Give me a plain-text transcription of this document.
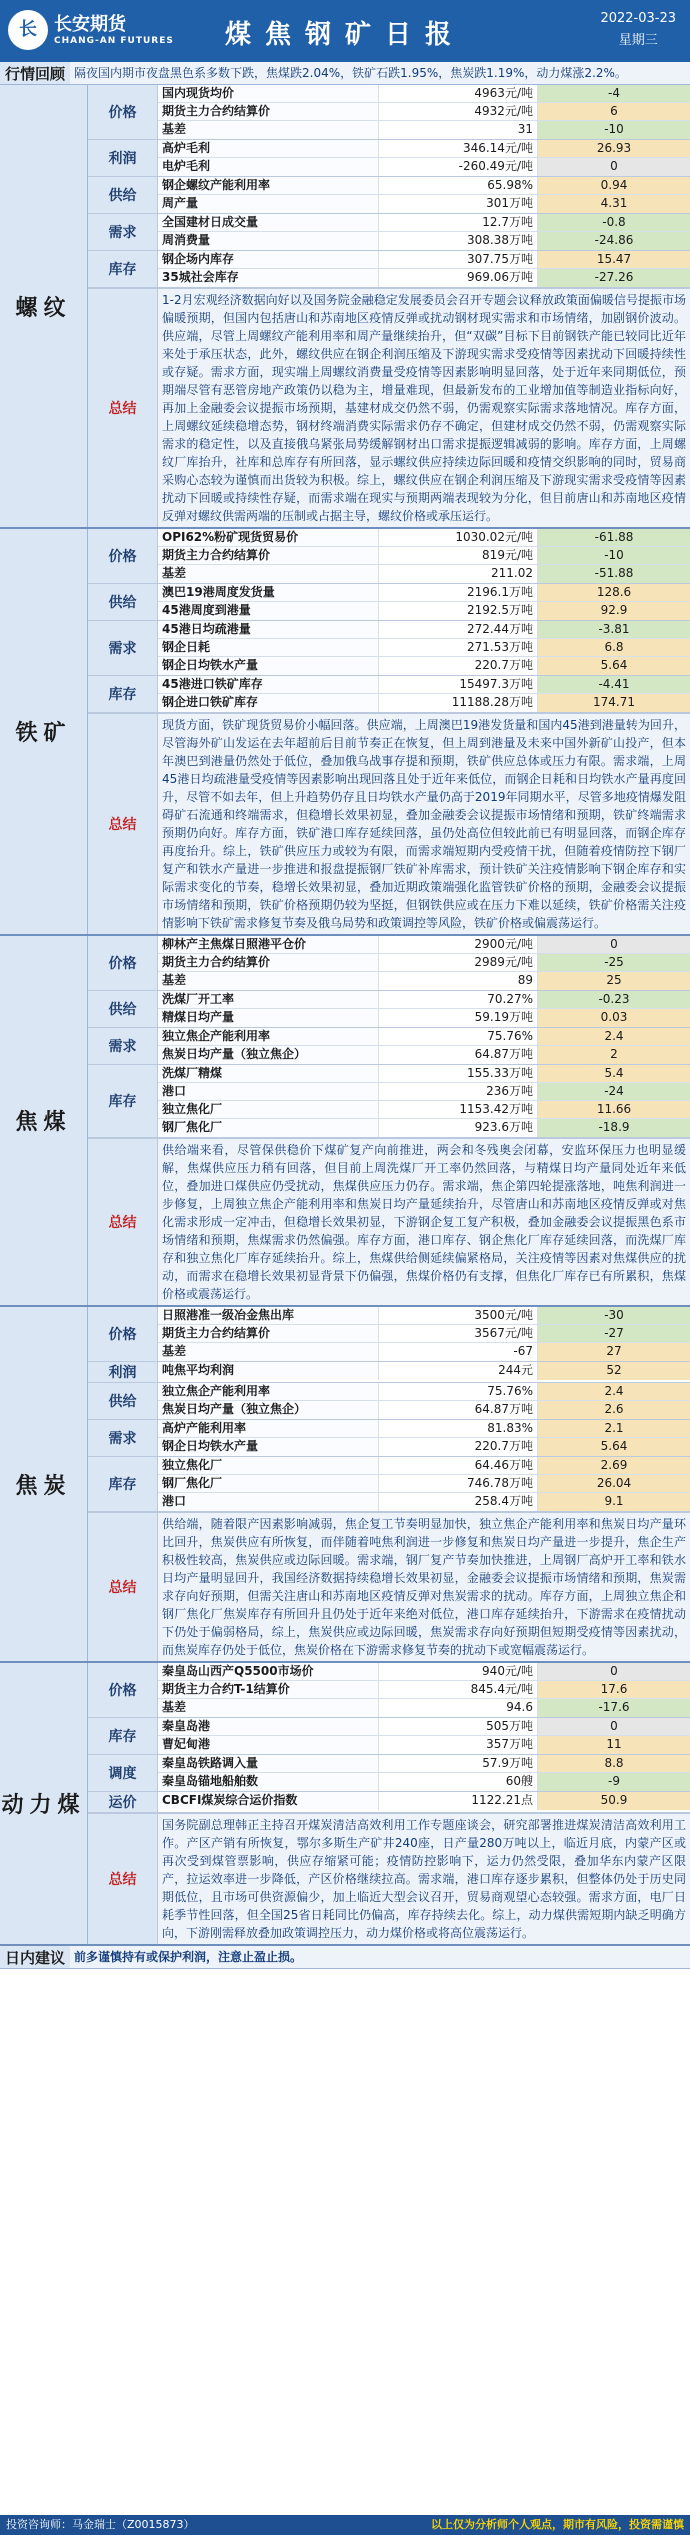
长 长安期货
CHANG-AN FUTURES	煤焦钢矿日报
2022-03-23
星期三
行情回顾 隔夜国内期市夜盘黑色系多数下跌，焦煤跌2.04%，铁矿石跌1.95%，焦炭跌1.19%，动力煤涨2.2%。
螺纹
价格
国内现货均价	4963元/吨	-4
期货主力合约结算价	4932元/吨	6
基差	31	-10
利润
高炉毛利	346.14元/吨	26.93
电炉毛利	-260.49元/吨	0
供给
钢企螺纹产能利用率	65.98%	0.94
周产量	301万吨	4.31
需求
全国建材日成交量	12.7万吨	-0.8
周消费量	308.38万吨	-24.86
库存
钢企场内库存	307.75万吨	15.47
35城社会库存	969.06万吨	-27.26
总结
1-2月宏观经济数据向好以及国务院金融稳定发展委员会召开专题会议释放政策面偏暖信号提振市场偏暖预期，但国内包括唐山和苏南地区疫情反弹或扰动钢材现实需求和市场情绪，加剧钢价波动。供应端，尽管上周螺纹产能利用率和周产量继续抬升，但“双碳”目标下目前钢铁产能已较同比近年来处于承压状态，此外，螺纹供应在钢企利润压缩及下游现实需求受疫情等因素扰动下回暖持续性或存疑。需求方面，现实端上周螺纹消费量受疫情等因素影响明显回落，处于近年来同期低位，预期端尽管有恶管房地产政策仍以稳为主，增量难现，但最新发布的工业增加值等制造业指标向好，再加上金融委会议提振市场预期，基建材成交仍然不弱，仍需观察实际需求落地情况。库存方面，上周螺纹延续稳增态势，钢材终端消费实际需求仍存不确定，但建材成交仍然不弱，仍需观察实际需求的稳定性，以及直接俄乌紧张局势缓解钢材出口需求提振逻辑减弱的影响。库存方面，上周螺纹厂库抬升，社库和总库存有所回落，显示螺纹供应持续边际回暖和疫情交织影响的同时，贸易商采购心态较为谨慎而出货较为积极。综上，螺纹供应在钢企利润压缩及下游现实需求受疫情等因素扰动下回暖或持续性存疑，而需求端在现实与预期两端表现较为分化，但目前唐山和苏南地区疫情反弹对螺纹供需两端的压制或占据主导，螺纹价格或承压运行。
铁矿
价格
OPI62%粉矿现货贸易价	1030.02元/吨	-61.88
期货主力合约结算价	819元/吨	-10
基差	211.02	-51.88
供给
澳巴19港周度发货量	2196.1万吨	128.6
45港周度到港量	2192.5万吨	92.9
需求
45港日均疏港量	272.44万吨	-3.81
钢企日耗	271.53万吨	6.8
钢企日均铁水产量	220.7万吨	5.64
库存
45港进口铁矿库存	15497.3万吨	-4.41
钢企进口铁矿库存	11188.28万吨	174.71
总结
现货方面，铁矿现货贸易价小幅回落。供应端，上周澳巴19港发货量和国内45港到港量转为回升，尽管海外矿山发运在去年超前后目前节奏正在恢复，但上周到港量及未来中国外新矿山投产，但本年澳巴到港量仍然处于低位，叠加俄乌战事存提和预期，铁矿供应总体或压力有限。需求端，上周45港日均疏港量受疫情等因素影响出现回落且处于近年来低位，而钢企日耗和日均铁水产量再度回升，尽管不如去年，但上升趋势仍存且日均铁水产量仍高于2019年同期水平，尽管多地疫情爆发阻碍矿石流通和终端需求，但稳增长效果初显，叠加金融委会议提振市场情绪和预期，铁矿终端需求预期仍向好。库存方面，铁矿港口库存延续回落，虽仍处高位但较此前已有明显回落，而钢企库存再度抬升。综上，铁矿供应压力或较为有限，而需求端短期内受疫情干扰，但随着疫情防控下钢厂复产和铁水产量进一步推进和报盘提振钢厂铁矿补库需求，预计铁矿关注疫情影响下钢企库存和实际需求变化的节奏，稳增长效果初显，叠加近期政策端强化监管铁矿价格的预期，金融委会议提振市场情绪和预期，铁矿价格预期仍较为坚挺，但钢铁供应或在压力下难以延续，铁矿价格需关注疫情影响下铁矿需求修复节奏及俄乌局势和政策调控等风险，铁矿价格或偏震荡运行。
焦煤
价格
柳林产主焦煤日照港平仓价	2900元/吨	0
期货主力合约结算价	2989元/吨	-25
基差	89	25
供给
洗煤厂开工率	70.27%	-0.23
精煤日均产量	59.19万吨	0.03
需求
独立焦企产能利用率	75.76%	2.4
焦炭日均产量（独立焦企）	64.87万吨	2
库存
洗煤厂精煤	155.33万吨	5.4
港口	236万吨	-24
独立焦化厂	1153.42万吨	11.66
钢厂焦化厂	923.6万吨	-18.9
总结
供给端来看，尽管保供稳价下煤矿复产向前推进，两会和冬残奥会闭幕，安监环保压力也明显缓解，焦煤供应压力稍有回落，但目前上周洗煤厂开工率仍然回落，与精煤日均产量同处近年来低位，叠加进口煤供应仍受扰动，焦煤供应压力仍存。需求端，焦企第四轮提涨落地，吨焦利润进一步修复，上周独立焦企产能利用率和焦炭日均产量延续抬升，尽管唐山和苏南地区疫情反弹或对焦化需求形成一定冲击，但稳增长效果初显，下游钢企复工复产积极，叠加金融委会议提振黑色系市场情绪和预期，焦煤需求仍然偏强。库存方面，港口库存、钢企焦化厂库存延续回落，而洗煤厂库存和独立焦化厂库存延续抬升。综上，焦煤供给侧延续偏紧格局，关注疫情等因素对焦煤供应的扰动，而需求在稳增长效果初显背景下仍偏强，焦煤价格仍有支撑，但焦化厂库存已有所累积，焦煤价格或震荡运行。
焦炭
价格
日照港准一级冶金焦出库	3500元/吨	-30
期货主力合约结算价	3567元/吨	-27
基差	-67	27
利润	吨焦平均利润	244元	52
供给
独立焦企产能利用率	75.76%	2.4
焦炭日均产量（独立焦企）	64.87万吨	2.6
需求
高炉产能利用率	81.83%	2.1
钢企日均铁水产量	220.7万吨	5.64
库存
独立焦化厂	64.46万吨	2.69
钢厂焦化厂	746.78万吨	26.04
港口	258.4万吨	9.1
总结
供给端，随着限产因素影响减弱，焦企复工节奏明显加快，独立焦企产能利用率和焦炭日均产量环比回升，焦炭供应有所恢复，而伴随着吨焦利润进一步修复和焦炭日均产量进一步提升，焦企生产积极性较高，焦炭供应或边际回暖。需求端，钢厂复产节奏加快推进，上周钢厂高炉开工率和铁水日均产量明显回升，我国经济数据持续稳增长效果初显，金融委会议提振市场情绪和预期，焦炭需求存向好预期，但需关注唐山和苏南地区疫情反弹对焦炭需求的扰动。库存方面，上周独立焦企和钢厂焦化厂焦炭库存有所回升且仍处于近年来绝对低位，港口库存延续抬升，下游需求在疫情扰动下仍处于偏弱格局，综上，焦炭供应或边际回暖，焦炭需求存向好预期但短期受疫情等因素扰动，而焦炭库存仍处于低位，焦炭价格在下游需求修复节奏的扰动下或宽幅震荡运行。
动力煤
价格
秦皇岛山西产Q5500市场价	940元/吨	0
期货主力合约T-1结算价	845.4元/吨	17.6
基差	94.6	-17.6
库存
秦皇岛港	505万吨	0
曹妃甸港	357万吨	11
调度
秦皇岛铁路调入量	57.9万吨	8.8
秦皇岛锚地船舶数	60艘	-9
运价	CBCFI煤炭综合运价指数	1122.21点	50.9
总结
国务院副总理韩正主持召开煤炭清洁高效利用工作专题座谈会，研究部署推进煤炭清洁高效利用工作。产区产销有所恢复，鄂尔多斯生产矿井240座，日产量280万吨以上，临近月底，内蒙产区或再次受到煤管票影响，供应存缩紧可能；疫情防控影响下，运力仍然受限，叠加华东内蒙产区限产，拉运效率进一步降低，产区价格继续拉高。需求端，港口库存逐步累积，但整体仍处于历史同期低位，且市场可供资源偏少，加上临近大型会议召开，贸易商观望心态较强。需求方面，电厂日耗季节性回落，但全国25省日耗同比仍偏高，库存持续去化。综上，动力煤供需短期内缺乏明确方向，下游刚需释放叠加政策调控压力，动力煤价格或将高位震荡运行。
日内建议 前多谨慎持有或保护利润，注意止盈止损。
投资咨询师：马金瑞士（Z0015873）	以上仅为分析师个人观点，期市有风险，投资需谨慎
